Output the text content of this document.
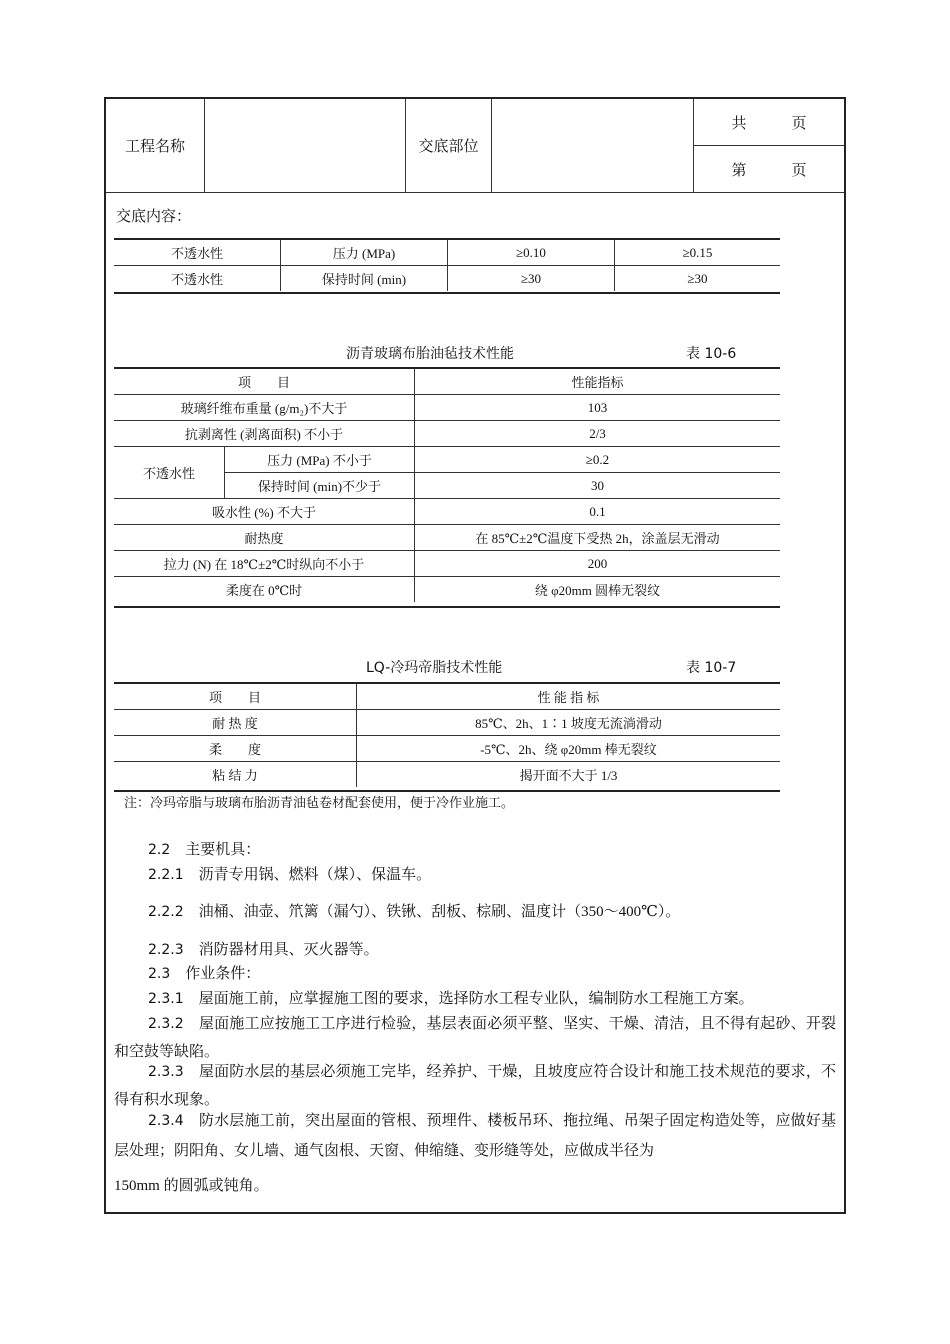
工程名称	交底部位
共　　　页
第　　　页
交底内容：
不透水性	压力 (MPa)	≥0.10	≥0.15
不透水性	保持时间 (min)	≥30	≥30
沥青玻璃布胎油毡技术性能	表 10-6
项　　目		性能指标
玻璃纤维布重量 (g/m₂)不大于		103
抗剥离性 (剥离面积) 不小于		2/3
不透水性	压力 (MPa) 不小于	≥0.2
	保持时间 (min)不少于	30
吸水性 (%) 不大于		0.1
耐热度		在 85℃±2℃温度下受热 2h，涂盖层无滑动
拉力 (N) 在 18℃±2℃时纵向不小于		200
柔度在 0℃时		绕 φ20mm 圆棒无裂纹
LQ-冷玛帝脂技术性能	表 10-7
项　　目	性 能 指 标
耐 热 度	85℃、2h、1∶1 坡度无流淌滑动
柔　　度	-5℃、2h、绕 φ20mm 棒无裂纹
粘 结 力	揭开面不大于 1/3
注：冷玛帝脂与玻璃布胎沥青油毡卷材配套使用，便于冷作业施工。
2.2　主要机具：
2.2.1　沥青专用锅、燃料（煤）、保温车。
2.2.2　油桶、油壶、笊篱（漏勺）、铁锹、刮板、棕刷、温度计（350～400℃）。
2.2.3　消防器材用具、灭火器等。
2.3　作业条件：
2.3.1　屋面施工前，应掌握施工图的要求，选择防水工程专业队，编制防水工程施工方案。
2.3.2　屋面施工应按施工工序进行检验，基层表面必须平整、坚实、干燥、清洁，且不得有起砂、开裂和空鼓等缺陷。
2.3.3　屋面防水层的基层必须施工完毕，经养护、干燥，且坡度应符合设计和施工技术规范的要求，不得有积水现象。
2.3.4　防水层施工前，突出屋面的管根、预埋件、楼板吊环、拖拉绳、吊架子固定构造处等，应做好基层处理；阴阳角、女儿墙、通气囱根、天窗、伸缩缝、变形缝等处，应做成半径为
150mm 的圆弧或钝角。
